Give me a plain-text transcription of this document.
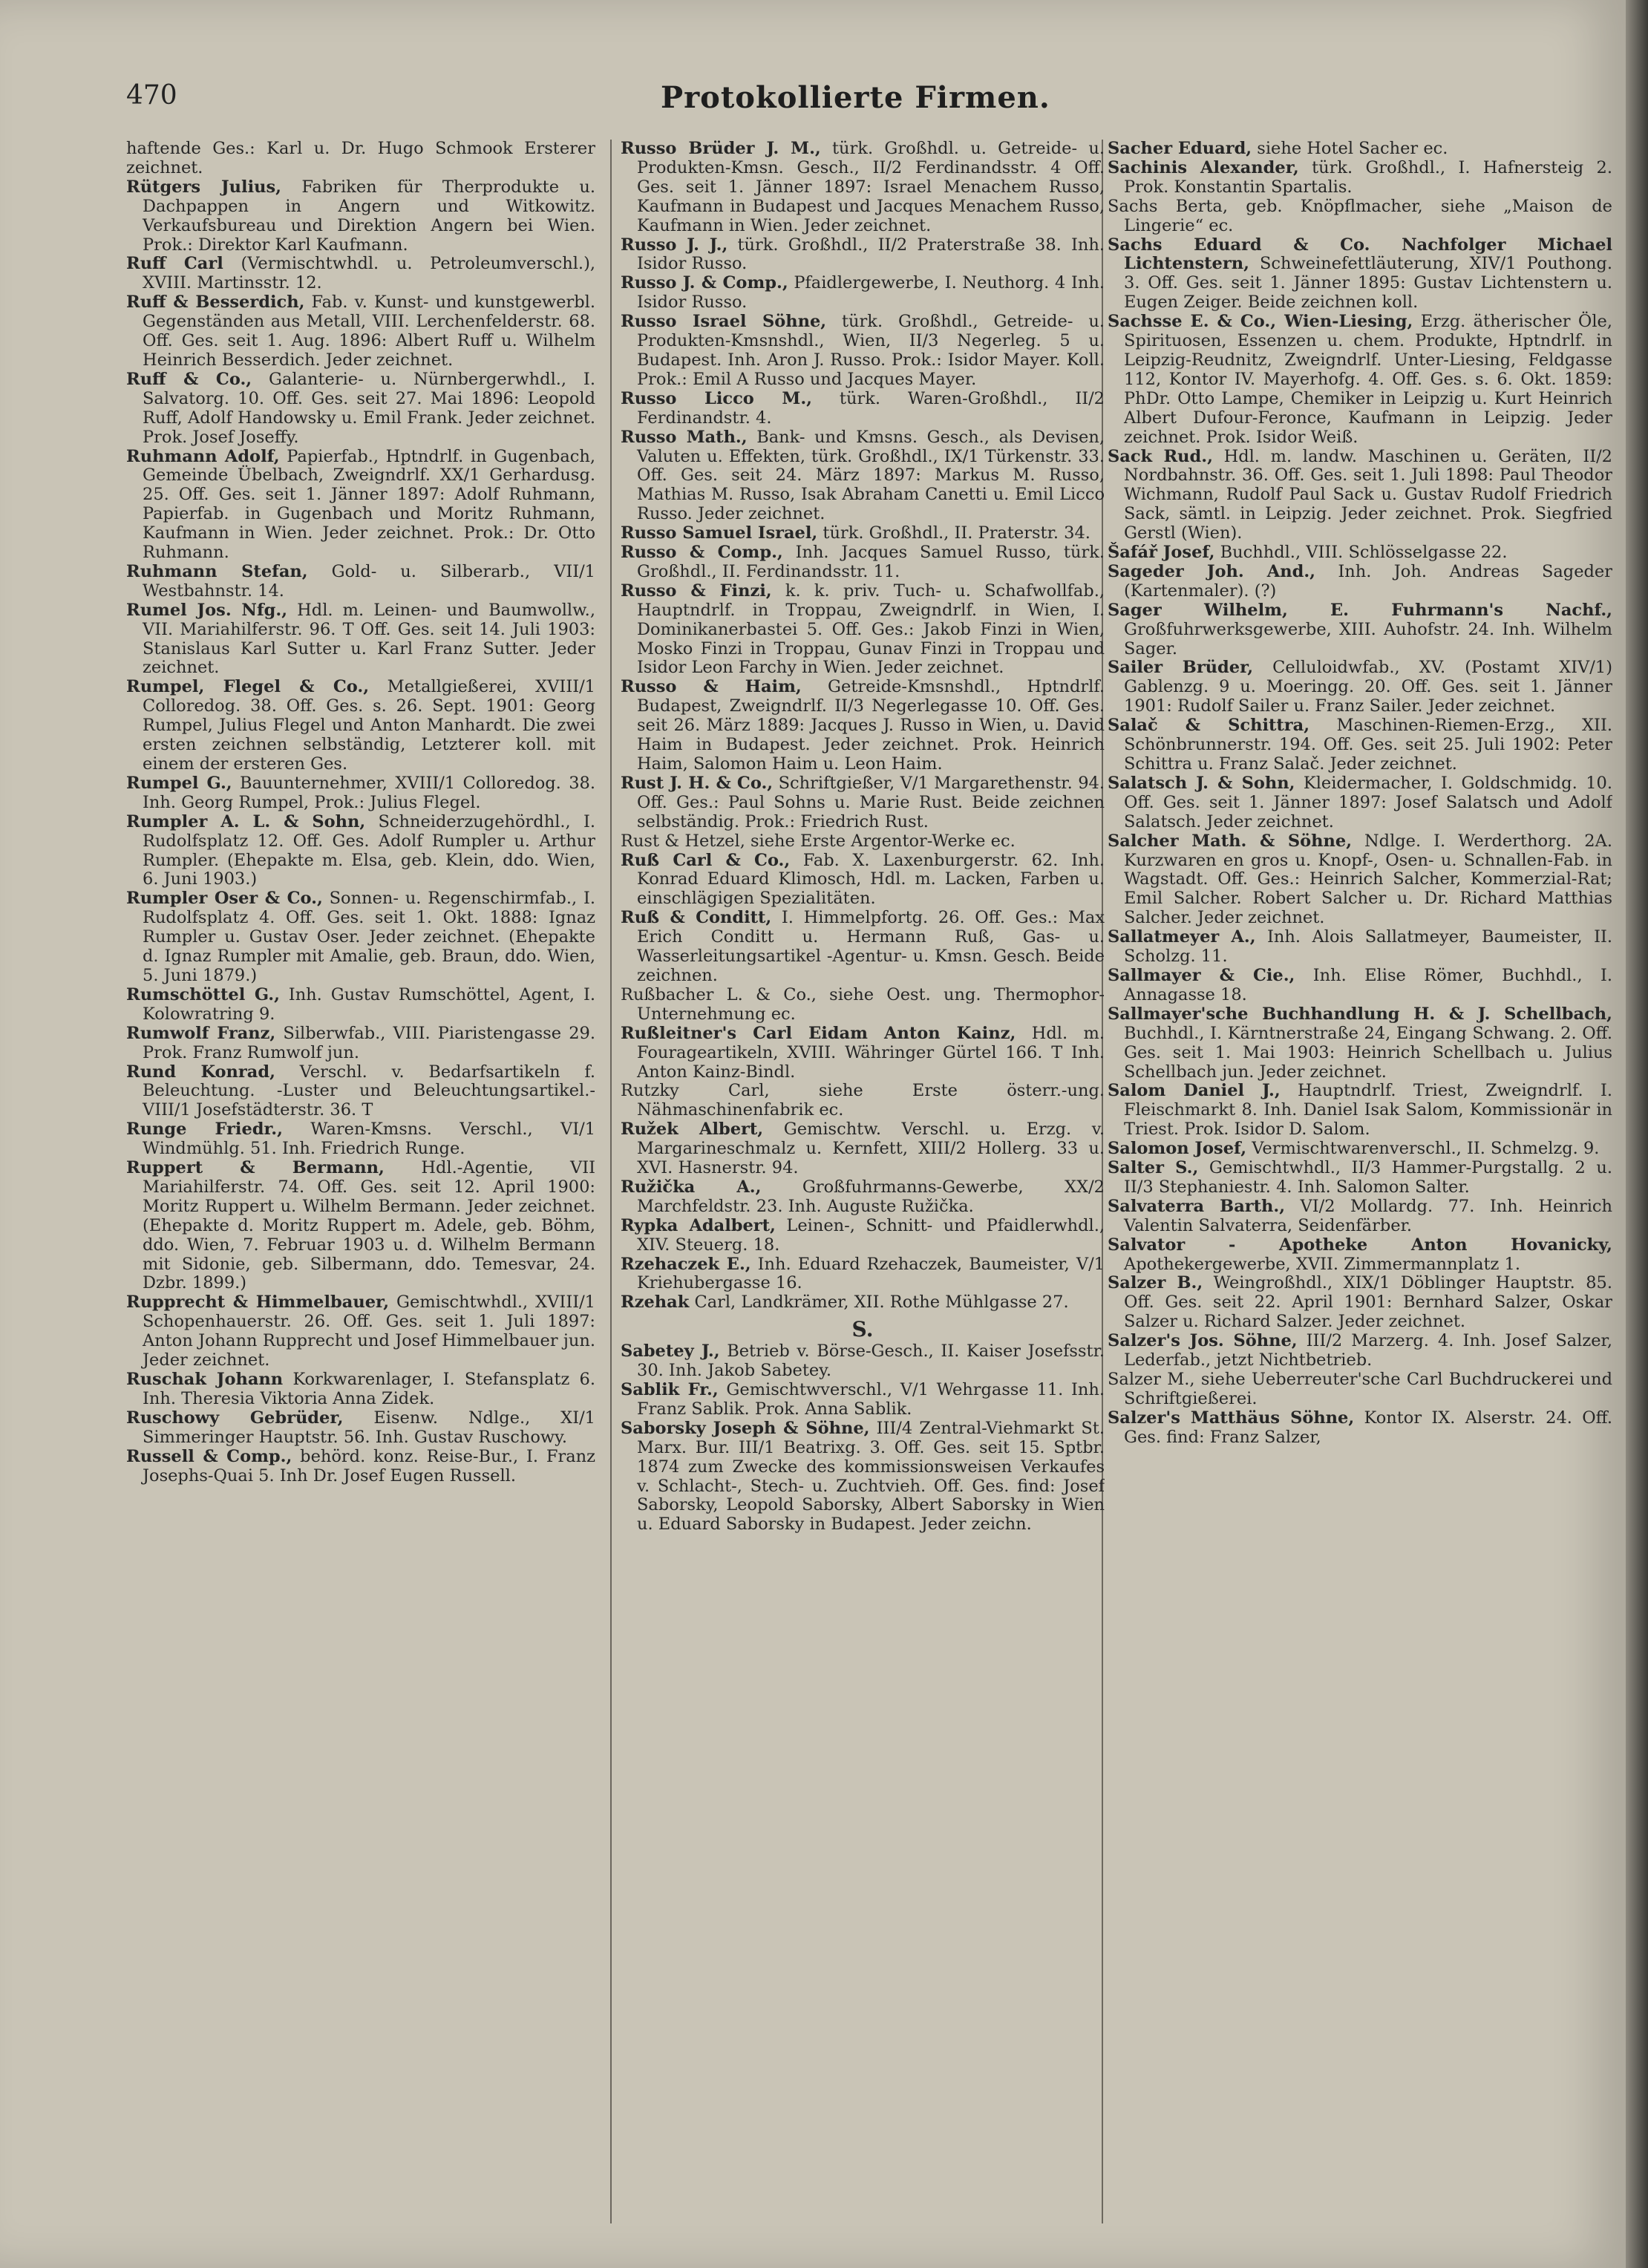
470	Protokollierte Firmen.

haftende Ges.: Karl u. Dr. Hugo Schmook Ersterer zeichnet.

Rütgers Julius, Fabriken für Therprodukte u. Dachpappen in Angern und Witkowitz. Verkaufsbureau und Direktion Angern bei Wien. Prok.: Direktor Karl Kaufmann.

Ruff Carl (Vermischtwhdl. u. Petroleumverschl.), XVIII. Martinsstr. 12.

Ruff & Besserdich, Fab. v. Kunst- und kunstgewerbl. Gegenständen aus Metall, VIII. Lerchenfelderstr. 68. Off. Ges. seit 1. Aug. 1896: Albert Ruff u. Wilhelm Heinrich Besserdich. Jeder zeichnet.

Ruff & Co., Galanterie- u. Nürnbergerwhdl., I. Salvatorg. 10. Off. Ges. seit 27. Mai 1896: Leopold Ruff, Adolf Handowsky u. Emil Frank. Jeder zeichnet. Prok. Josef Joseffy.

Ruhmann Adolf, Papierfab., Hptndrlf. in Gugenbach, Gemeinde Übelbach, Zweigndrlf. XX/1 Gerhardusg. 25. Off. Ges. seit 1. Jänner 1897: Adolf Ruhmann, Papierfab. in Gugenbach und Moritz Ruhmann, Kaufmann in Wien. Jeder zeichnet. Prok.: Dr. Otto Ruhmann.

Ruhmann Stefan, Gold- u. Silberarb., VII/1 Westbahnstr. 14.

Rumel Jos. Nfg., Hdl. m. Leinen- und Baumwollw., VII. Mariahilferstr. 96. T Off. Ges. seit 14. Juli 1903: Stanislaus Karl Sutter u. Karl Franz Sutter. Jeder zeichnet.

Rumpel, Flegel & Co., Metallgießerei, XVIII/1 Colloredog. 38. Off. Ges. s. 26. Sept. 1901: Georg Rumpel, Julius Flegel und Anton Manhardt. Die zwei ersten zeichnen selbständig, Letzterer koll. mit einem der ersteren Ges.

Rumpel G., Bauunternehmer, XVIII/1 Colloredog. 38. Inh. Georg Rumpel, Prok.: Julius Flegel.

Rumpler A. L. & Sohn, Schneiderzugehördhl., I. Rudolfsplatz 12. Off. Ges. Adolf Rumpler u. Arthur Rumpler. (Ehepakte m. Elsa, geb. Klein, ddo. Wien, 6. Juni 1903.)

Rumpler Oser & Co., Sonnen- u. Regenschirmfab., I. Rudolfsplatz 4. Off. Ges. seit 1. Okt. 1888: Ignaz Rumpler u. Gustav Oser. Jeder zeichnet. (Ehepakte d. Ignaz Rumpler mit Amalie, geb. Braun, ddo. Wien, 5. Juni 1879.)

Rumschöttel G., Inh. Gustav Rumschöttel, Agent, I. Kolowratring 9.

Rumwolf Franz, Silberwfab., VIII. Piaristengasse 29. Prok. Franz Rumwolf jun.

Rund Konrad, Verschl. v. Bedarfsartikeln f. Beleuchtung. -Luster und Beleuchtungsartikel.- VIII/1 Josefstädterstr. 36. T

Runge Friedr., Waren-Kmsns. Verschl., VI/1 Windmühlg. 51. Inh. Friedrich Runge.

Ruppert & Bermann, Hdl.-Agentie, VII Mariahilferstr. 74. Off. Ges. seit 12. April 1900: Moritz Ruppert u. Wilhelm Bermann. Jeder zeichnet. (Ehepakte d. Moritz Ruppert m. Adele, geb. Böhm, ddo. Wien, 7. Februar 1903 u. d. Wilhelm Bermann mit Sidonie, geb. Silbermann, ddo. Temesvar, 24. Dzbr. 1899.)

Rupprecht & Himmelbauer, Gemischtwhdl., XVIII/1 Schopenhauerstr. 26. Off. Ges. seit 1. Juli 1897: Anton Johann Rupprecht und Josef Himmelbauer jun. Jeder zeichnet.

Ruschak Johann Korkwarenlager, I. Stefansplatz 6. Inh. Theresia Viktoria Anna Zidek.

Ruschowy Gebrüder, Eisenw. Ndlge., XI/1 Simmeringer Hauptstr. 56. Inh. Gustav Ruschowy.

Russell & Comp., behörd. konz. Reise-Bur., I. Franz Josephs-Quai 5. Inh Dr. Josef Eugen Russell.

Russo Brüder J. M., türk. Großhdl. u. Getreide- u. Produkten-Kmsn. Gesch., II/2 Ferdinandsstr. 4 Off. Ges. seit 1. Jänner 1897: Israel Menachem Russo, Kaufmann in Budapest und Jacques Menachem Russo, Kaufmann in Wien. Jeder zeichnet.

Russo J. J., türk. Großhdl., II/2 Praterstraße 38. Inh. Isidor Russo.

Russo J. & Comp., Pfaidlergewerbe, I. Neuthorg. 4 Inh. Isidor Russo.

Russo Israel Söhne, türk. Großhdl., Getreide- u. Produkten-Kmsnshdl., Wien, II/3 Negerleg. 5 u. Budapest. Inh. Aron J. Russo. Prok.: Isidor Mayer. Koll. Prok.: Emil A Russo und Jacques Mayer.

Russo Licco M., türk. Waren-Großhdl., II/2 Ferdinandstr. 4.

Russo Math., Bank- und Kmsns. Gesch., als Devisen, Valuten u. Effekten, türk. Großhdl., IX/1 Türkenstr. 33. Off. Ges. seit 24. März 1897: Markus M. Russo, Mathias M. Russo, Isak Abraham Canetti u. Emil Licco Russo. Jeder zeichnet.

Russo Samuel Israel, türk. Großhdl., II. Praterstr. 34.

Russo & Comp., Inh. Jacques Samuel Russo, türk. Großhdl., II. Ferdinandsstr. 11.

Russo & Finzi, k. k. priv. Tuch- u. Schafwollfab., Hauptndrlf. in Troppau, Zweigndrlf. in Wien, I. Dominikanerbastei 5. Off. Ges.: Jakob Finzi in Wien, Mosko Finzi in Troppau, Gunav Finzi in Troppau und Isidor Leon Farchy in Wien. Jeder zeichnet.

Russo & Haim, Getreide-Kmsnshdl., Hptndrlf. Budapest, Zweigndrlf. II/3 Negerlegasse 10. Off. Ges. seit 26. März 1889: Jacques J. Russo in Wien, u. David Haim in Budapest. Jeder zeichnet. Prok. Heinrich Haim, Salomon Haim u. Leon Haim.

Rust J. H. & Co., Schriftgießer, V/1 Margarethenstr. 94. Off. Ges.: Paul Sohns u. Marie Rust. Beide zeichnen selbständig. Prok.: Friedrich Rust.

Rust & Hetzel, siehe Erste Argentor-Werke ec.

Ruß Carl & Co., Fab. X. Laxenburgerstr. 62. Inh. Konrad Eduard Klimosch, Hdl. m. Lacken, Farben u. einschlägigen Spezialitäten.

Ruß & Conditt, I. Himmelpfortg. 26. Off. Ges.: Max Erich Conditt u. Hermann Ruß, Gas- u. Wasserleitungsartikel -Agentur- u. Kmsn. Gesch. Beide zeichnen.

Rußbacher L. & Co., siehe Oest. ung. Thermophor-Unternehmung ec.

Rußleitner's Carl Eidam Anton Kainz, Hdl. m. Fourageartikeln, XVIII. Währinger Gürtel 166. T Inh. Anton Kainz-Bindl.

Rutzky Carl, siehe Erste österr.-ung. Nähmaschinenfabrik ec.

Ružek Albert, Gemischtw. Verschl. u. Erzg. v. Margarineschmalz u. Kernfett, XIII/2 Hollerg. 33 u. XVI. Hasnerstr. 94.

Ružička A., Großfuhrmanns-Gewerbe, XX/2 Marchfeldstr. 23. Inh. Auguste Ružička.

Rypka Adalbert, Leinen-, Schnitt- und Pfaidlerwhdl., XIV. Steuerg. 18.

Rzehaczek E., Inh. Eduard Rzehaczek, Baumeister, V/1 Kriehubergasse 16.

Rzehak Carl, Landkrämer, XII. Rothe Mühlgasse 27.

S.

Sabetey J., Betrieb v. Börse-Gesch., II. Kaiser Josefsstr. 30. Inh. Jakob Sabetey.

Sablik Fr., Gemischtwverschl., V/1 Wehrgasse 11. Inh. Franz Sablik. Prok. Anna Sablik.

Saborsky Joseph & Söhne, III/4 Zentral-Viehmarkt St. Marx. Bur. III/1 Beatrixg. 3. Off. Ges. seit 15. Sptbr. 1874 zum Zwecke des kommissionsweisen Verkaufes v. Schlacht-, Stech- u. Zuchtvieh. Off. Ges. find: Josef Saborsky, Leopold Saborsky, Albert Saborsky in Wien u. Eduard Saborsky in Budapest. Jeder zeichn.

Sacher Eduard, siehe Hotel Sacher ec.

Sachinis Alexander, türk. Großhdl., I. Hafnersteig 2. Prok. Konstantin Spartalis.

Sachs Berta, geb. Knöpflmacher, siehe „Maison de Lingerie“ ec.

Sachs Eduard & Co. Nachfolger Michael Lichtenstern, Schweinefettläuterung, XIV/1 Pouthong. 3. Off. Ges. seit 1. Jänner 1895: Gustav Lichtenstern u. Eugen Zeiger. Beide zeichnen koll.

Sachsse E. & Co., Wien-Liesing, Erzg. ätherischer Öle, Spirituosen, Essenzen u. chem. Produkte, Hptndrlf. in Leipzig-Reudnitz, Zweigndrlf. Unter-Liesing, Feldgasse 112, Kontor IV. Mayerhofg. 4. Off. Ges. s. 6. Okt. 1859: PhDr. Otto Lampe, Chemiker in Leipzig u. Kurt Heinrich Albert Dufour-Feronce, Kaufmann in Leipzig. Jeder zeichnet. Prok. Isidor Weiß.

Sack Rud., Hdl. m. landw. Maschinen u. Geräten, II/2 Nordbahnstr. 36. Off. Ges. seit 1. Juli 1898: Paul Theodor Wichmann, Rudolf Paul Sack u. Gustav Rudolf Friedrich Sack, sämtl. in Leipzig. Jeder zeichnet. Prok. Siegfried Gerstl (Wien).

Šafář Josef, Buchhdl., VIII. Schlösselgasse 22.

Sageder Joh. And., Inh. Joh. Andreas Sageder (Kartenmaler). (?)

Sager Wilhelm, E. Fuhrmann's Nachf., Großfuhrwerksgewerbe, XIII. Auhofstr. 24. Inh. Wilhelm Sager.

Sailer Brüder, Celluloidwfab., XV. (Postamt XIV/1) Gablenzg. 9 u. Moeringg. 20. Off. Ges. seit 1. Jänner 1901: Rudolf Sailer u. Franz Sailer. Jeder zeichnet.

Salač & Schittra, Maschinen-Riemen-Erzg., XII. Schönbrunnerstr. 194. Off. Ges. seit 25. Juli 1902: Peter Schittra u. Franz Salač. Jeder zeichnet.

Salatsch J. & Sohn, Kleidermacher, I. Goldschmidg. 10. Off. Ges. seit 1. Jänner 1897: Josef Salatsch und Adolf Salatsch. Jeder zeichnet.

Salcher Math. & Söhne, Ndlge. I. Werderthorg. 2A. Kurzwaren en gros u. Knopf-, Osen- u. Schnallen-Fab. in Wagstadt. Off. Ges.: Heinrich Salcher, Kommerzial-Rat; Emil Salcher. Robert Salcher u. Dr. Richard Matthias Salcher. Jeder zeichnet.

Sallatmeyer A., Inh. Alois Sallatmeyer, Baumeister, II. Scholzg. 11.

Sallmayer & Cie., Inh. Elise Römer, Buchhdl., I. Annagasse 18.

Sallmayer'sche Buchhandlung H. & J. Schellbach, Buchhdl., I. Kärntnerstraße 24, Eingang Schwang. 2. Off. Ges. seit 1. Mai 1903: Heinrich Schellbach u. Julius Schellbach jun. Jeder zeichnet.

Salom Daniel J., Hauptndrlf. Triest, Zweigndrlf. I. Fleischmarkt 8. Inh. Daniel Isak Salom, Kommissionär in Triest. Prok. Isidor D. Salom.

Salomon Josef, Vermischtwarenverschl., II. Schmelzg. 9.

Salter S., Gemischtwhdl., II/3 Hammer-Purgstallg. 2 u. II/3 Stephaniestr. 4. Inh. Salomon Salter.

Salvaterra Barth., VI/2 Mollardg. 77. Inh. Heinrich Valentin Salvaterra, Seidenfärber.

Salvator - Apotheke Anton Hovanicky, Apothekergewerbe, XVII. Zimmermannplatz 1.

Salzer B., Weingroßhdl., XIX/1 Döblinger Hauptstr. 85. Off. Ges. seit 22. April 1901: Bernhard Salzer, Oskar Salzer u. Richard Salzer. Jeder zeichnet.

Salzer's Jos. Söhne, III/2 Marzerg. 4. Inh. Josef Salzer, Lederfab., jetzt Nichtbetrieb.

Salzer M., siehe Ueberreuter'sche Carl Buchdruckerei und Schriftgießerei.

Salzer's Matthäus Söhne, Kontor IX. Alserstr. 24. Off. Ges. find: Franz Salzer,
